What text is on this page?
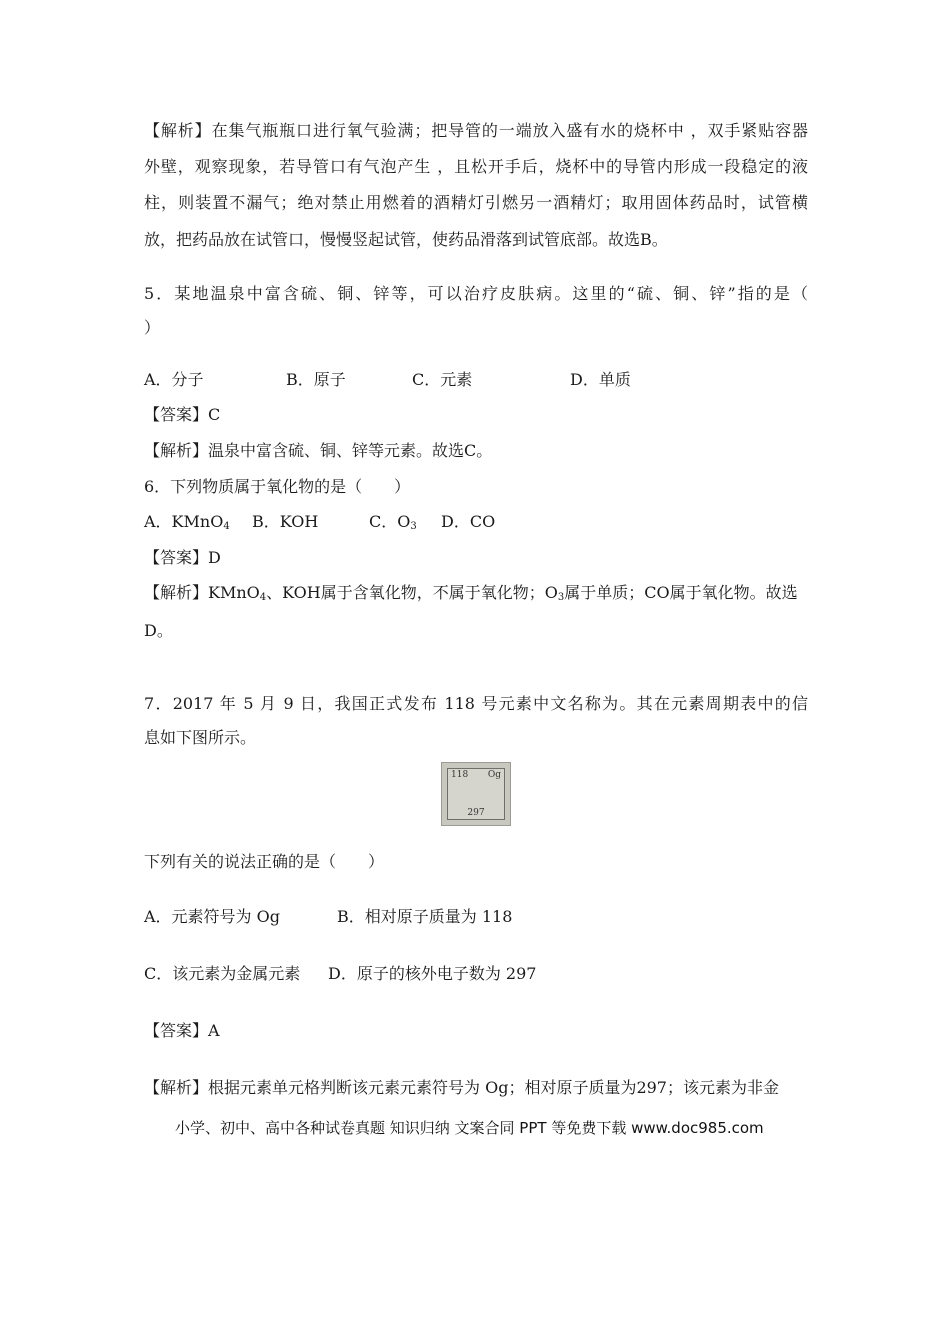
【解析】在集气瓶瓶口进行氧气验满；把导管的一端放入盛有水的烧杯中 ，双手紧贴容器
外壁，观察现象，若导管口有气泡产生 ，且松开手后，烧杯中的导管内形成一段稳定的液
柱，则装置不漏气；绝对禁止用燃着的酒精灯引燃另一酒精灯；取用固体药品时，试管横
放，把药品放在试管口，慢慢竖起试管，使药品滑落到试管底部。故选B。
5．某地温泉中富含硫、铜、锌等，可以治疗皮肤病。这里的“硫、铜、锌”指的是（
）
A．分子	B．原子	C．元素	D．单质
【答案】C
【解析】温泉中富含硫、铜、锌等元素。故选C。
6．下列物质属于氧化物的是（　　）
A．KMnO$_4$ B．KOH	C．$O_3$ D．CO
【答案】D
【解析】KMnO$_4$、KOH属于含氧化物，不属于氧化物；$O_3$属于单质；CO属于氧化物。故选
D。
7．2017 年 5 月 9 日，我国正式发布 118 号元素中文名称为。其在元素周期表中的信
息如下图所示。
118 Og
297
下列有关的说法正确的是（　　）
A．元素符号为 Og	B．相对原子质量为 118
C．该元素为金属元素 D．原子的核外电子数为 297
【答案】A
【解析】根据元素单元格判断该元素元素符号为 Og；相对原子质量为297；该元素为非金
小学、初中、高中各种试卷真题 知识归纳 文案合同 PPT 等免费下载 www.doc985.com
